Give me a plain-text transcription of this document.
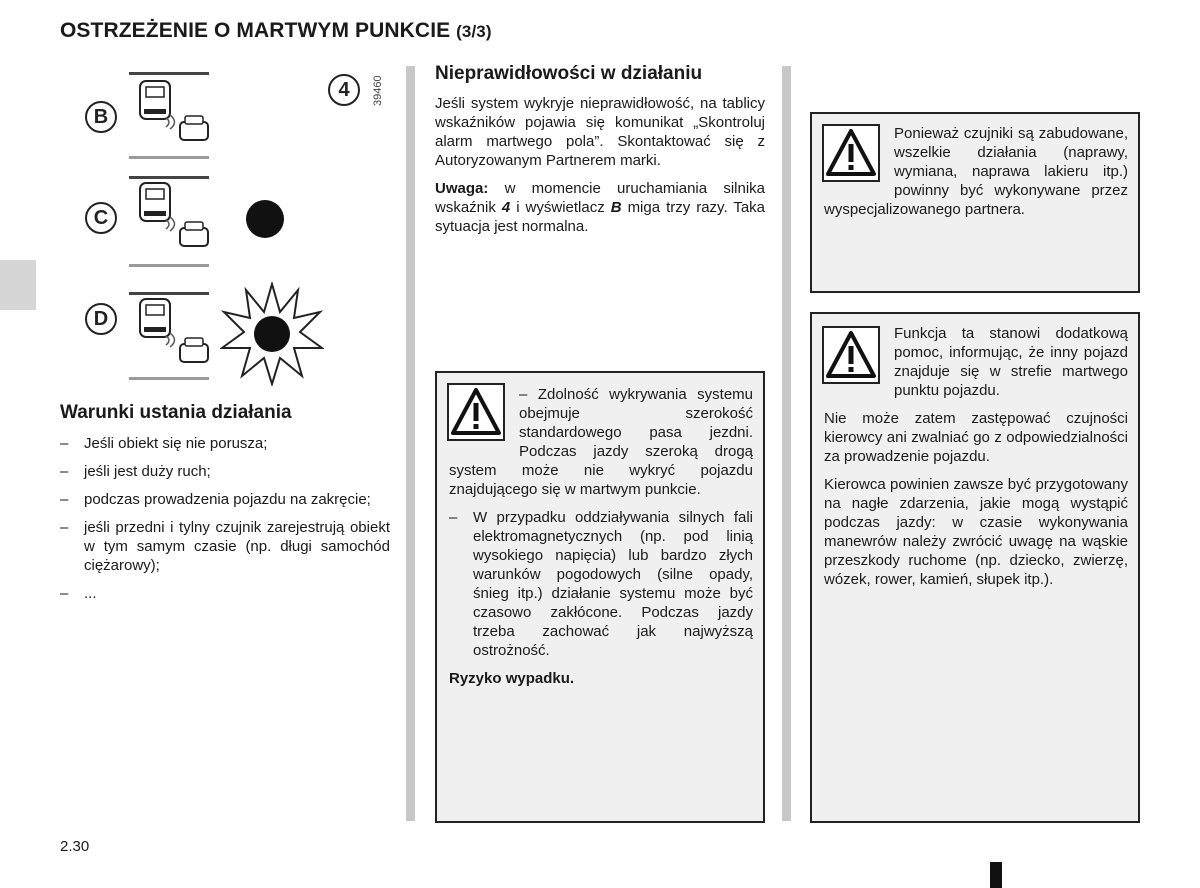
OSTRZEŻENIE O MARTWYM PUNKCIE (3/3)
4	39460
B
C
D
Warunki ustania działania
– Jeśli obiekt się nie porusza;
– jeśli jest duży ruch;
– podczas prowadzenia pojazdu na zakręcie;
– jeśli przedni i tylny czujnik zarejestrują obiekt w tym samym czasie (np. długi samochód ciężarowy);
– ...
Nieprawidłowości w działaniu

Jeśli system wykryje nieprawidłowość, na tablicy wskaźników pojawia się komunikat „Skontroluj alarm martwego pola”. Skontaktować się z Autoryzowanym Partnerem marki.

Uwaga: w momencie uruchamiania silnika wskaźnik 4 i wyświetlacz B miga trzy razy. Taka sytuacja jest normalna.

– Zdolność wykrywania systemu obejmuje szerokość standardowego pasa jezdni. Podczas jazdy szeroką drogą system może nie wykryć pojazdu znajdującego się w martwym punkcie.

– W przypadku oddziaływania silnych fali elektromagnetycznych (np. pod linią wysokiego napięcia) lub bardzo złych warunków pogodowych (silne opady, śnieg itp.) działanie systemu może być czasowo zakłócone. Podczas jazdy trzeba zachować jak najwyższą ostrożność.

Ryzyko wypadku.

Ponieważ czujniki są zabudowane, wszelkie działania (naprawy, wymiana, naprawa lakieru itp.) powinny być wykonywane przez wyspecjalizowanego partnera.

Funkcja ta stanowi dodatkową pomoc, informując, że inny pojazd znajduje się w strefie martwego punktu pojazdu.

Nie może zatem zastępować czujności kierowcy ani zwalniać go z odpowiedzialności za prowadzenie pojazdu.

Kierowca powinien zawsze być przygotowany na nagłe zdarzenia, jakie mogą wystąpić podczas jazdy: w czasie wykonywania manewrów należy zwrócić uwagę na wąskie przeszkody ruchome (np. dziecko, zwierzę, wózek, rower, kamień, słupek itp.).

2.30
